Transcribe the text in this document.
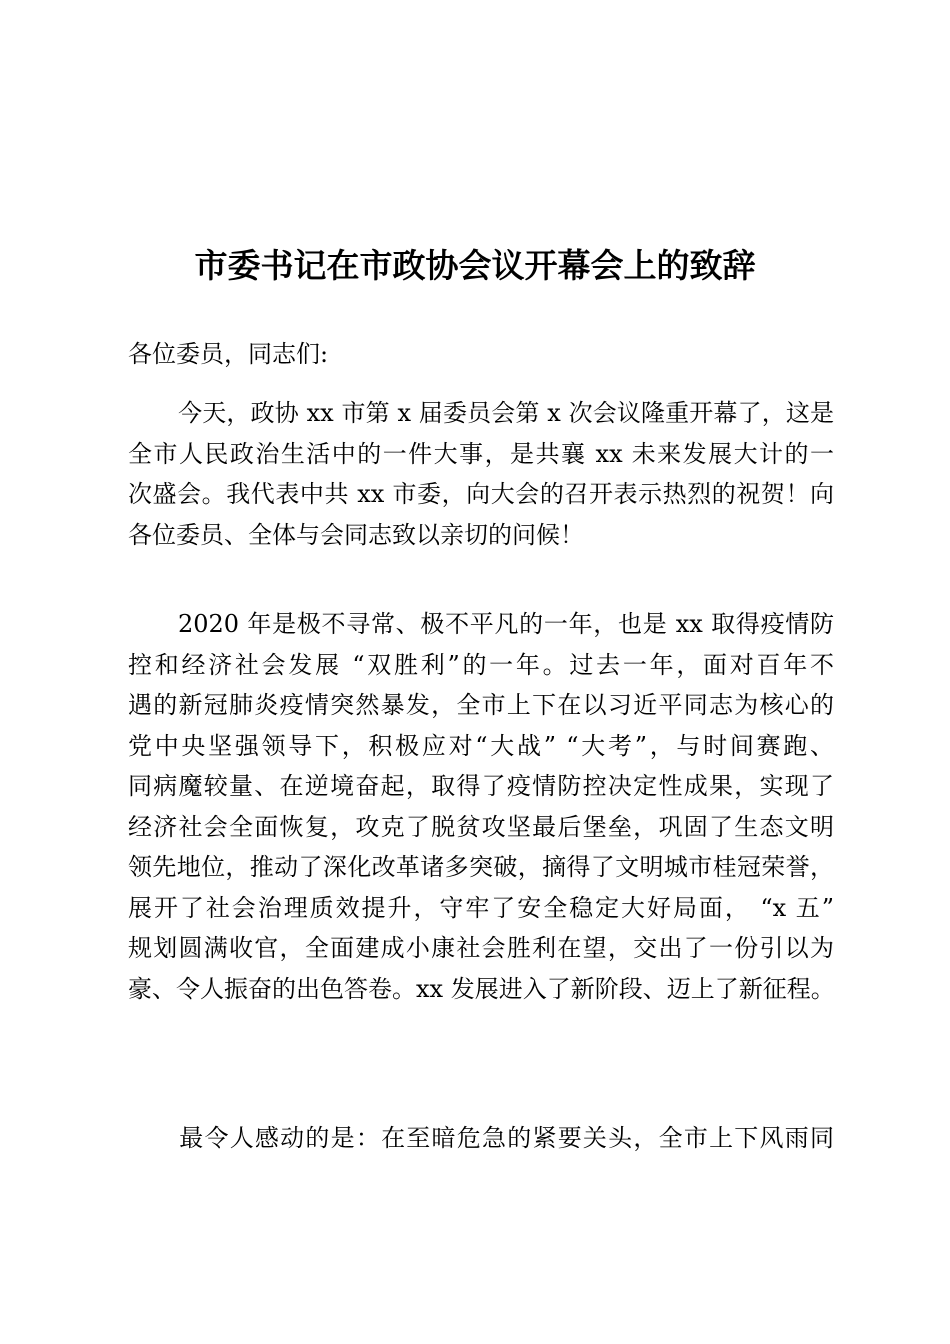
市委书记在市政协会议开幕会上的致辞

各位委员，同志们:

今天，政协 xx 市第 x 届委员会第 x 次会议隆重开幕了，这是
全市人民政治生活中的一件大事，是共襄 xx 未来发展大计的一
次盛会。我代表中共 xx 市委，向大会的召开表示热烈的祝贺！向
各位委员、全体与会同志致以亲切的问候！
2020 年是极不寻常、极不平凡的一年，也是 xx 取得疫情防
控和经济社会发展 “双胜利”的一年。过去一年，面对百年不
遇的新冠肺炎疫情突然暴发，全市上下在以习近平同志为核心的
党中央坚强领导下，积极应对“大战” “大考”，与时间赛跑、
同病魔较量、在逆境奋起，取得了疫情防控决定性成果，实现了
经济社会全面恢复，攻克了脱贫攻坚最后堡垒，巩固了生态文明
领先地位，推动了深化改革诸多突破，摘得了文明城市桂冠荣誉，
展开了社会治理质效提升，守牢了安全稳定大好局面， “x 五”
规划圆满收官，全面建成小康社会胜利在望，交出了一份引以为
豪、令人振奋的出色答卷。xx 发展进入了新阶段、迈上了新征程。
最令人感动的是：在至暗危急的紧要关头，全市上下风雨同
